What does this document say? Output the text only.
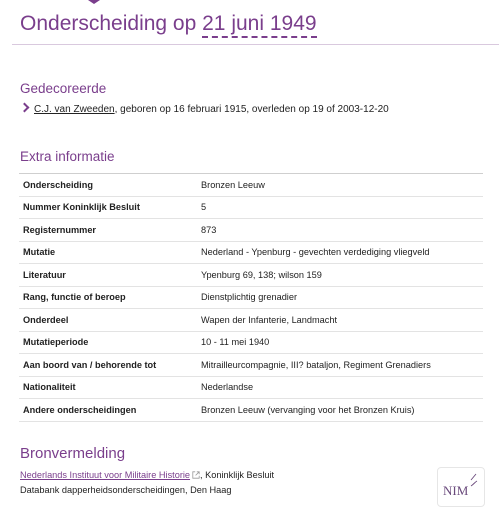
Onderscheiding op 21 juni 1949
Gedecoreerde
C.J. van Zweeden, geboren op 16 februari 1915, overleden op 19 of 2003-12-20
Extra informatie
Onderscheiding	Bronzen Leeuw
Nummer Koninklijk Besluit	5
Registernummer	873
Mutatie	Nederland - Ypenburg - gevechten verdediging vliegveld
Literatuur	Ypenburg 69, 138; wilson 159
Rang, functie of beroep	Dienstplichtig grenadier
Onderdeel	Wapen der Infanterie, Landmacht
Mutatieperiode	10 - 11 mei 1940
Aan boord van / behorende tot	Mitrailleurcompagnie, III? bataljon, Regiment Grenadiers
Nationaliteit	Nederlandse
Andere onderscheidingen	Bronzen Leeuw (vervanging voor het Bronzen Kruis)
Bronvermelding
Nederlands Instituut voor Militaire Historie , Koninklijk Besluit
Databank dapperheidsonderscheidingen, Den Haag	NIM
